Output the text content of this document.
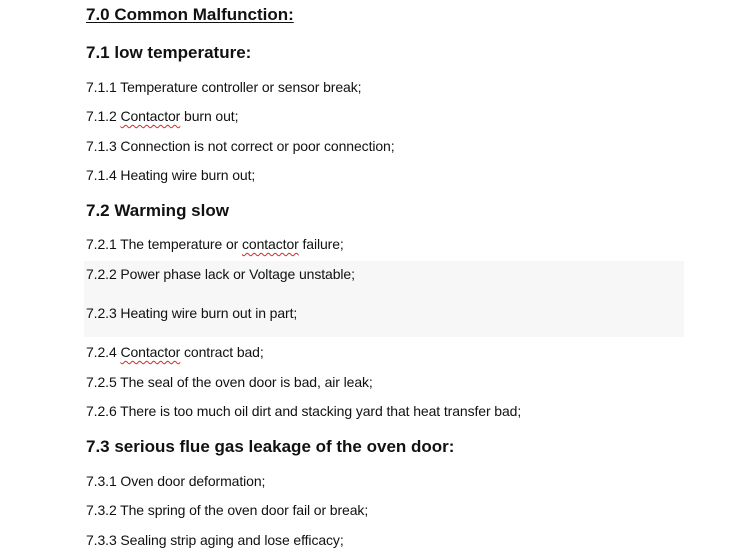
7.0 Common Malfunction:
7.1 low temperature:
7.1.1 Temperature controller or sensor break;
7.1.2 Contactor burn out;
7.1.3 Connection is not correct or poor connection;
7.1.4 Heating wire burn out;
7.2 Warming slow
7.2.1 The temperature or contactor failure;
7.2.2 Power phase lack or Voltage unstable;
7.2.3 Heating wire burn out in part;
7.2.4 Contactor contract bad;
7.2.5 The seal of the oven door is bad, air leak;
7.2.6 There is too much oil dirt and stacking yard that heat transfer bad;
7.3 serious flue gas leakage of the oven door:
7.3.1 Oven door deformation;
7.3.2 The spring of the oven door fail or break;
7.3.3 Sealing strip aging and lose efficacy;
